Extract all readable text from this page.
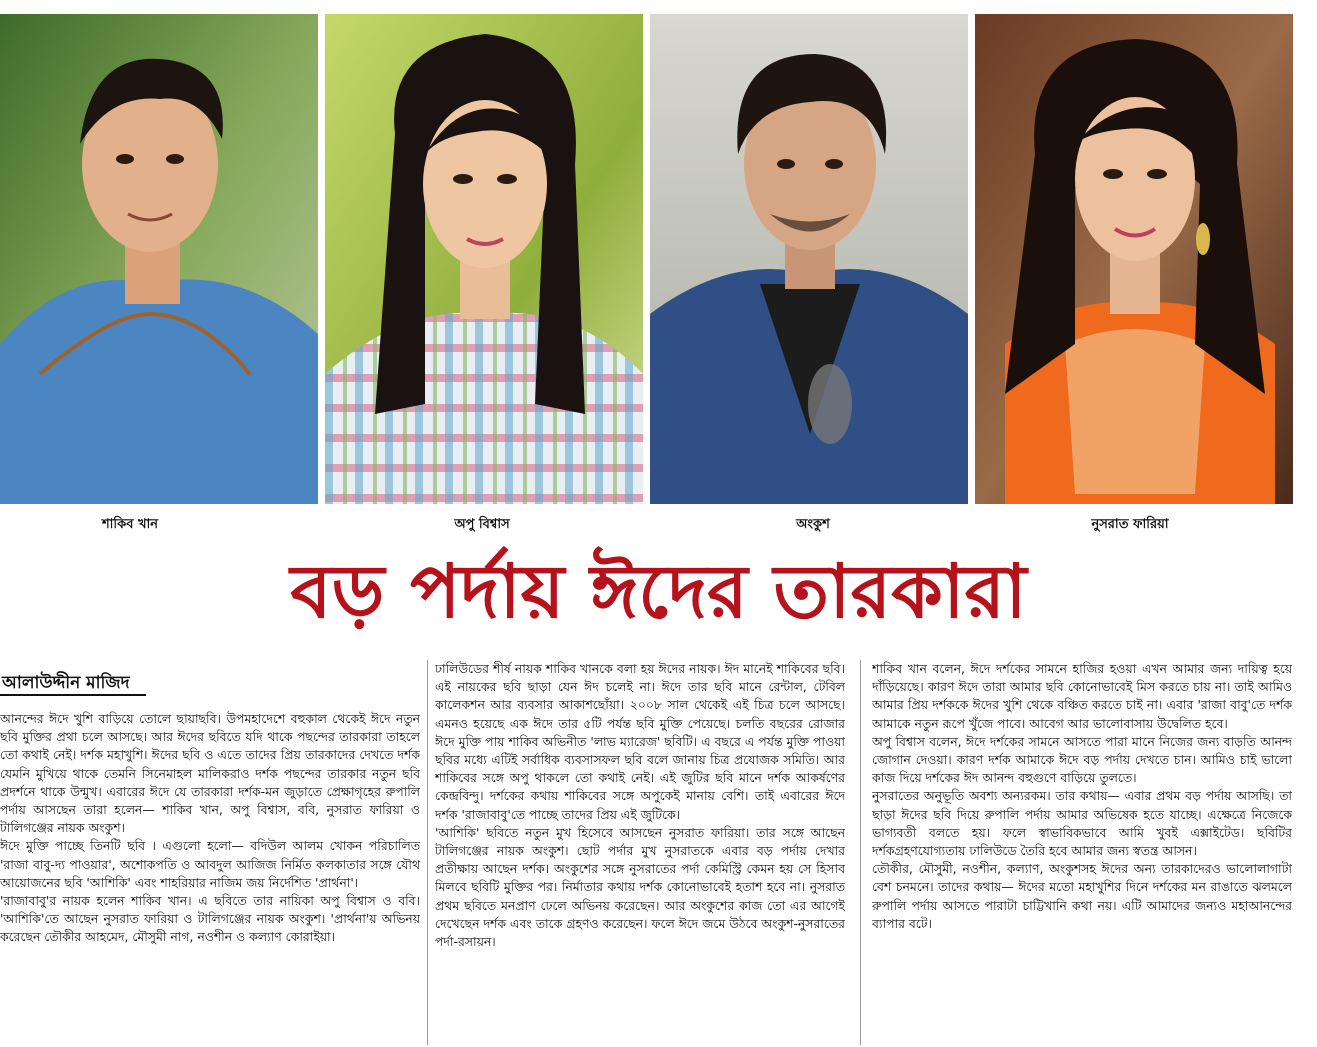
শাকিব খান	অপু বিশ্বাস	অংকুশ	নুসরাত ফারিয়া
বড় পর্দায় ঈদের তারকারা
আলাউদ্দীন মাজিদ

আনন্দের ঈদে খুশি বাড়িয়ে তোলে ছায়াছবি। উপমহাদেশে বহুকাল থেকেই ঈদে নতুন ছবি মুক্তির প্রথা চলে আসছে। আর ঈদের ছবিতে যদি থাকে পছন্দের তারকারা তাহলে তো কথাই নেই। দর্শক মহাখুশি। ঈদের ছবি ও এতে তাদের প্রিয় তারকাদের দেখতে দর্শক যেমনি মুখিয়ে থাকে তেমনি সিনেমাহল মালিকরাও দর্শক পছন্দের তারকার নতুন ছবি প্রদর্শনে থাকে উন্মুখ। এবারের ঈদে যে তারকারা দর্শক-মন জুড়াতে প্রেক্ষাগৃহের রুপালি পর্দায় আসছেন তারা হলেন— শাকিব খান, অপু বিশ্বাস, ববি, নুসরাত ফারিয়া ও টালিগঞ্জের নায়ক অংকুশ।

ঈদে মুক্তি পাচ্ছে তিনটি ছবি । এগুলো হলো— বদিউল আলম খোকন পরিচালিত 'রাজা বাবু-দ্য পাওয়ার', অশোকপতি ও আবদুল আজিজ নির্মিত কলকাতার সঙ্গে যৌথ আয়োজনের ছবি 'আশিকি' এবং শাহরিয়ার নাজিম জয় নির্দেশিত 'প্রার্থনা'।

'রাজাবাবু'র নায়ক হলেন শাকিব খান। এ ছবিতে তার নায়িকা অপু বিশ্বাস ও ববি। 'আশিকি'তে আছেন নুসরাত ফারিয়া ও টালিগঞ্জের নায়ক অংকুশ। 'প্রার্থনা'য় অভিনয় করেছেন তৌকীর আহমেদ, মৌসুমী নাগ, নওশীন ও কল্যাণ কোরাইয়া।

ঢালিউডের শীর্ষ নায়ক শাকিব খানকে বলা হয় ঈদের নায়ক। ঈদ মানেই শাকিবের ছবি। এই নায়কের ছবি ছাড়া যেন ঈদ চলেই না। ঈদে তার ছবি মানে রেন্টাল, টেবিল কালেকশন আর ব্যবসার আকাশছোঁয়া। ২০০৮ সাল থেকেই এই চিত্র চলে আসছে। এমনও হয়েছে এক ঈদে তার ৫টি পর্যন্ত ছবি মুক্তি পেয়েছে। চলতি বছরের রোজার ঈদে মুক্তি পায় শাকিব অভিনীত 'লাভ ম্যারেজ' ছবিটি। এ বছরে এ পর্যন্ত মুক্তি পাওয়া ছবির মধ্যে এটিই সর্বাধিক ব্যবসাসফল ছবি বলে জানায় চিত্র প্রযোজক সমিতি। আর শাকিবের সঙ্গে অপু থাকলে তো কথাই নেই। এই জুটির ছবি মানে দর্শক আকর্ষণের কেন্দ্রবিন্দু। দর্শকের কথায় শাকিবের সঙ্গে অপুকেই মানায় বেশি। তাই এবারের ঈদে দর্শক 'রাজাবাবু'তে পাচ্ছে তাদের প্রিয় এই জুটিকে।

'আশিকি' ছবিতে নতুন মুখ হিসেবে আসছেন নুসরাত ফারিয়া। তার সঙ্গে আছেন টালিগঞ্জের নায়ক অংকুশ। ছোট পর্দার মুখ নুসরাতকে এবার বড় পর্দায় দেখার প্রতীক্ষায় আছেন দর্শক। অংকুশের সঙ্গে নুসরাতের পর্দা কেমিস্ট্রি কেমন হয় সে হিসাব মিলবে ছবিটি মুক্তির পর। নির্মাতার কথায় দর্শক কোনোভাবেই হতাশ হবে না। নুসরাত প্রথম ছবিতে মনপ্রাণ ঢেলে অভিনয় করেছেন। আর অংকুশের কাজ তো এর আগেই দেখেছেন দর্শক এবং তাকে গ্রহণও করেছেন। ফলে ঈদে জমে উঠবে অংকুশ-নুসরাতের পর্দা-রসায়ন।

শাকিব খান বলেন, ঈদে দর্শকের সামনে হাজির হওয়া এখন আমার জন্য দায়িত্ব হয়ে দাঁড়িয়েছে। কারণ ঈদে তারা আমার ছবি কোনোভাবেই মিস করতে চায় না। তাই আমিও আমার প্রিয় দর্শককে ঈদের খুশি থেকে বঞ্চিত করতে চাই না। এবার 'রাজা বাবু'তে দর্শক আমাকে নতুন রূপে খুঁজে পাবে। আবেগ আর ভালোবাসায় উদ্বেলিত হবে।

অপু বিশ্বাস বলেন, ঈদে দর্শকের সামনে আসতে পারা মানে নিজের জন্য বাড়তি আনন্দ জোগান দেওয়া। কারণ দর্শক আমাকে ঈদে বড় পর্দায় দেখতে চান। আমিও চাই ভালো কাজ দিয়ে দর্শকের ঈদ আনন্দ বহুগুণে বাড়িয়ে তুলতে।

নুসরাতের অনুভূতি অবশ্য অন্যরকম। তার কথায়— এবার প্রথম বড় পর্দায় আসছি। তা ছাড়া ঈদের ছবি দিয়ে রুপালি পর্দায় আমার অভিষেক হতে যাচ্ছে। এক্ষেত্রে নিজেকে ভাগ্যবতী বলতে হয়। ফলে স্বাভাবিকভাবে আমি খুবই এক্সাইটেড। ছবিটির দর্শকগ্রহণযোগ্যতায় ঢালিউডে তৈরি হবে আমার জন্য স্বতন্ত্র আসন।

তৌকীর, মৌসুমী, নওশীন, কল্যাণ, অংকুশসহ ঈদের অন্য তারকাদেরও ভালোলাগাটা বেশ চনমনে। তাদের কথায়— ঈদের মতো মহাখুশির দিনে দর্শকের মন রাঙাতে ঝলমলে রুপালি পর্দায় আসতে পারাটা চাট্টিখানি কথা নয়। এটি আমাদের জন্যও মহাআনন্দের ব্যাপার বটে।
